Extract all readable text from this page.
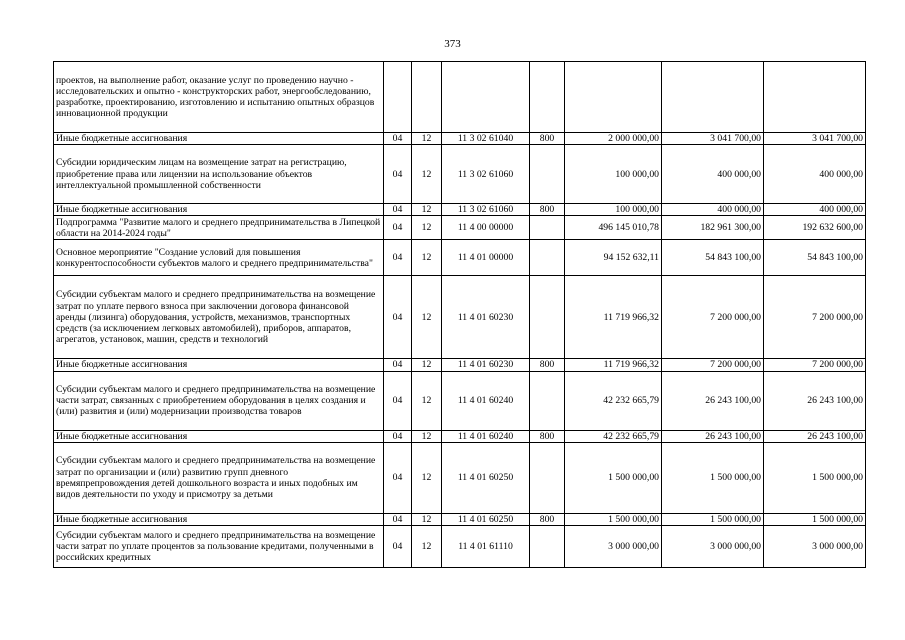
373
проектов, на выполнение работ, оказание услуг по проведению научно - исследовательских и опытно - конструкторских работ, энергообследованию, разработке, проектированию, изготовлению и испытанию опытных образцов инновационной продукции							
Иные бюджетные ассигнования	04	12	11 3 02 61040	800	2 000 000,00	3 041 700,00	3 041 700,00
Субсидии юридическим лицам на возмещение затрат на регистрацию, приобретение права или лицензии на использование объектов интеллектуальной промышленной собственности	04	12	11 3 02 61060		100 000,00	400 000,00	400 000,00
Иные бюджетные ассигнования	04	12	11 3 02 61060	800	100 000,00	400 000,00	400 000,00
Подпрограмма "Развитие малого и среднего предпринимательства в Липецкой области на 2014-2024 годы"	04	12	11 4 00 00000		496 145 010,78	182 961 300,00	192 632 600,00
Основное мероприятие "Создание условий для повышения конкурентоспособности субъектов малого и среднего предпринимательства"	04	12	11 4 01 00000		94 152 632,11	54 843 100,00	54 843 100,00
Субсидии субъектам малого и среднего предпринимательства на возмещение затрат по уплате первого взноса при заключении договора финансовой аренды (лизинга) оборудования, устройств, механизмов, транспортных средств (за исключением легковых автомобилей), приборов, аппаратов, агрегатов, установок, машин, средств и технологий	04	12	11 4 01 60230		11 719 966,32	7 200 000,00	7 200 000,00
Иные бюджетные ассигнования	04	12	11 4 01 60230	800	11 719 966,32	7 200 000,00	7 200 000,00
Субсидии субъектам малого и среднего предпринимательства на возмещение части затрат, связанных с приобретением оборудования в целях создания и (или) развития и (или) модернизации производства товаров	04	12	11 4 01 60240		42 232 665,79	26 243 100,00	26 243 100,00
Иные бюджетные ассигнования	04	12	11 4 01 60240	800	42 232 665,79	26 243 100,00	26 243 100,00
Субсидии субъектам малого и среднего предпринимательства на возмещение затрат по организации и (или) развитию групп дневного времяпрепровождения детей дошкольного возраста и иных подобных им видов деятельности по уходу и присмотру за детьми	04	12	11 4 01 60250		1 500 000,00	1 500 000,00	1 500 000,00
Иные бюджетные ассигнования	04	12	11 4 01 60250	800	1 500 000,00	1 500 000,00	1 500 000,00
Субсидии субъектам малого и среднего предпринимательства на возмещение части затрат по уплате процентов за пользование кредитами, полученными в российских кредитных	04	12	11 4 01 61110		3 000 000,00	3 000 000,00	3 000 000,00
